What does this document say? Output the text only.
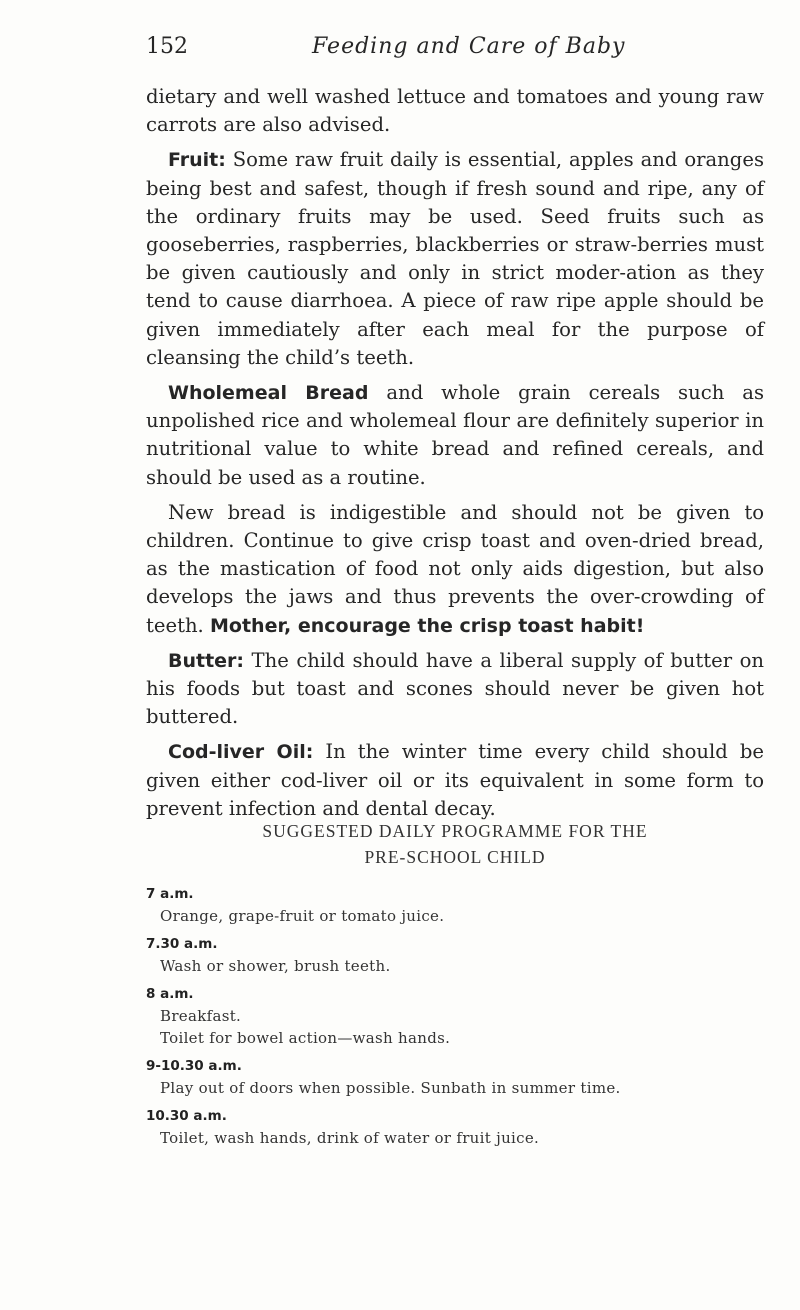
152	Feeding and Care of Baby

dietary and well washed lettuce and tomatoes and young raw carrots are also advised.

Fruit: Some raw fruit daily is essential, apples and oranges being best and safest, though if fresh sound and ripe, any of the ordinary fruits may be used. Seed fruits such as gooseberries, raspberries, blackberries or straw-berries must be given cautiously and only in strict moder-ation as they tend to cause diarrhoea. A piece of raw ripe apple should be given immediately after each meal for the purpose of cleansing the child’s teeth.

Wholemeal Bread and whole grain cereals such as unpolished rice and wholemeal flour are definitely superior in nutritional value to white bread and refined cereals, and should be used as a routine.

New bread is indigestible and should not be given to children. Continue to give crisp toast and oven-dried bread, as the mastication of food not only aids digestion, but also develops the jaws and thus prevents the over-crowding of teeth. Mother, encourage the crisp toast habit!

Butter: The child should have a liberal supply of butter on his foods but toast and scones should never be given hot buttered.

Cod-liver Oil: In the winter time every child should be given either cod-liver oil or its equivalent in some form to prevent infection and dental decay.

SUGGESTED DAILY PROGRAMME FOR THE
PRE-SCHOOL CHILD
7 a.m.
Orange, grape-fruit or tomato juice.
7.30 a.m.
Wash or shower, brush teeth.
8 a.m.
Breakfast.
Toilet for bowel action—wash hands.
9-10.30 a.m.
Play out of doors when possible. Sunbath in summer time.
10.30 a.m.
Toilet, wash hands, drink of water or fruit juice.
